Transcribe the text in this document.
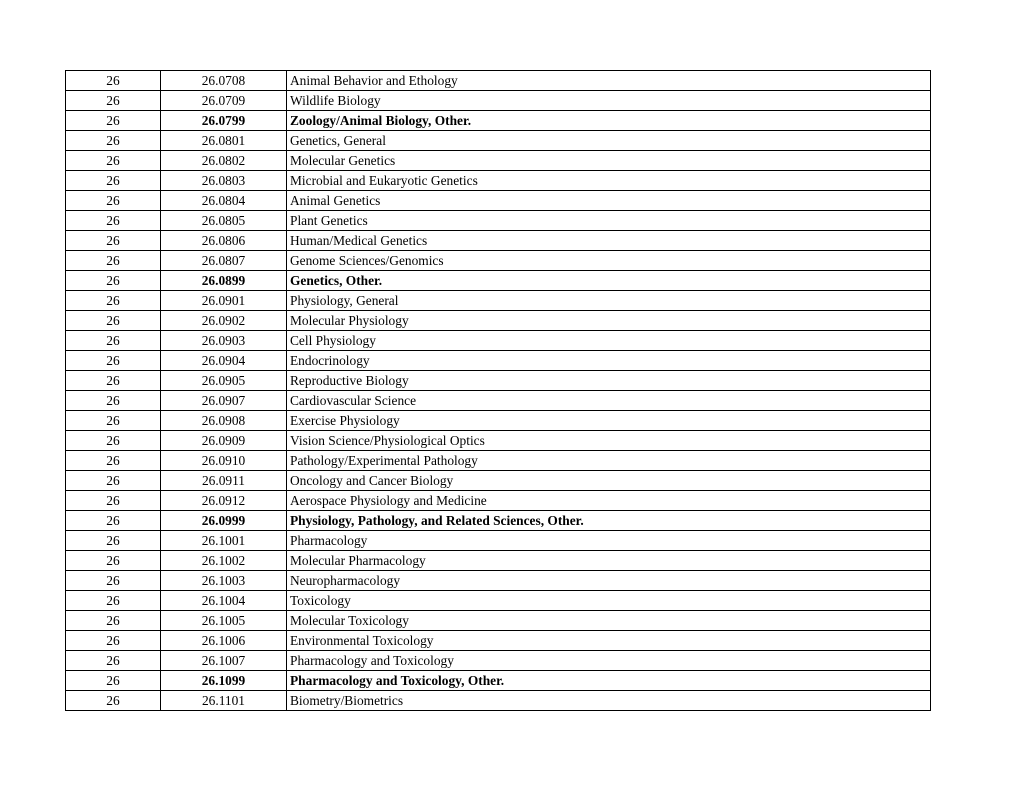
26	26.0708	Animal Behavior and Ethology
26	26.0709	Wildlife Biology
26	26.0799	Zoology/Animal Biology, Other.
26	26.0801	Genetics, General
26	26.0802	Molecular Genetics
26	26.0803	Microbial and Eukaryotic Genetics
26	26.0804	Animal Genetics
26	26.0805	Plant Genetics
26	26.0806	Human/Medical Genetics
26	26.0807	Genome Sciences/Genomics
26	26.0899	Genetics, Other.
26	26.0901	Physiology, General
26	26.0902	Molecular Physiology
26	26.0903	Cell Physiology
26	26.0904	Endocrinology
26	26.0905	Reproductive Biology
26	26.0907	Cardiovascular Science
26	26.0908	Exercise Physiology
26	26.0909	Vision Science/Physiological Optics
26	26.0910	Pathology/Experimental Pathology
26	26.0911	Oncology and Cancer Biology
26	26.0912	Aerospace Physiology and Medicine
26	26.0999	Physiology, Pathology, and Related Sciences, Other.
26	26.1001	Pharmacology
26	26.1002	Molecular Pharmacology
26	26.1003	Neuropharmacology
26	26.1004	Toxicology
26	26.1005	Molecular Toxicology
26	26.1006	Environmental Toxicology
26	26.1007	Pharmacology and Toxicology
26	26.1099	Pharmacology and Toxicology, Other.
26	26.1101	Biometry/Biometrics
